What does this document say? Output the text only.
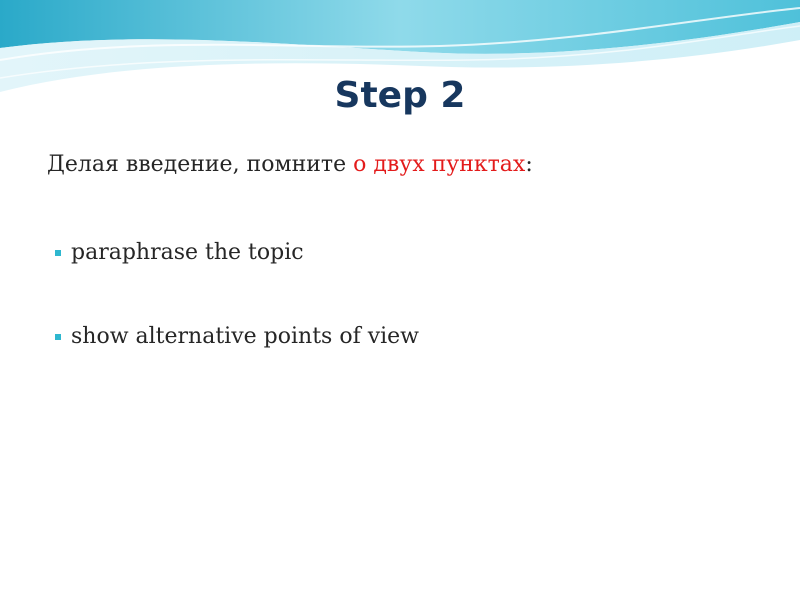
Step 2
Делая введение, помните о двух пунктах:
paraphrase the topic
show alternative points of view
